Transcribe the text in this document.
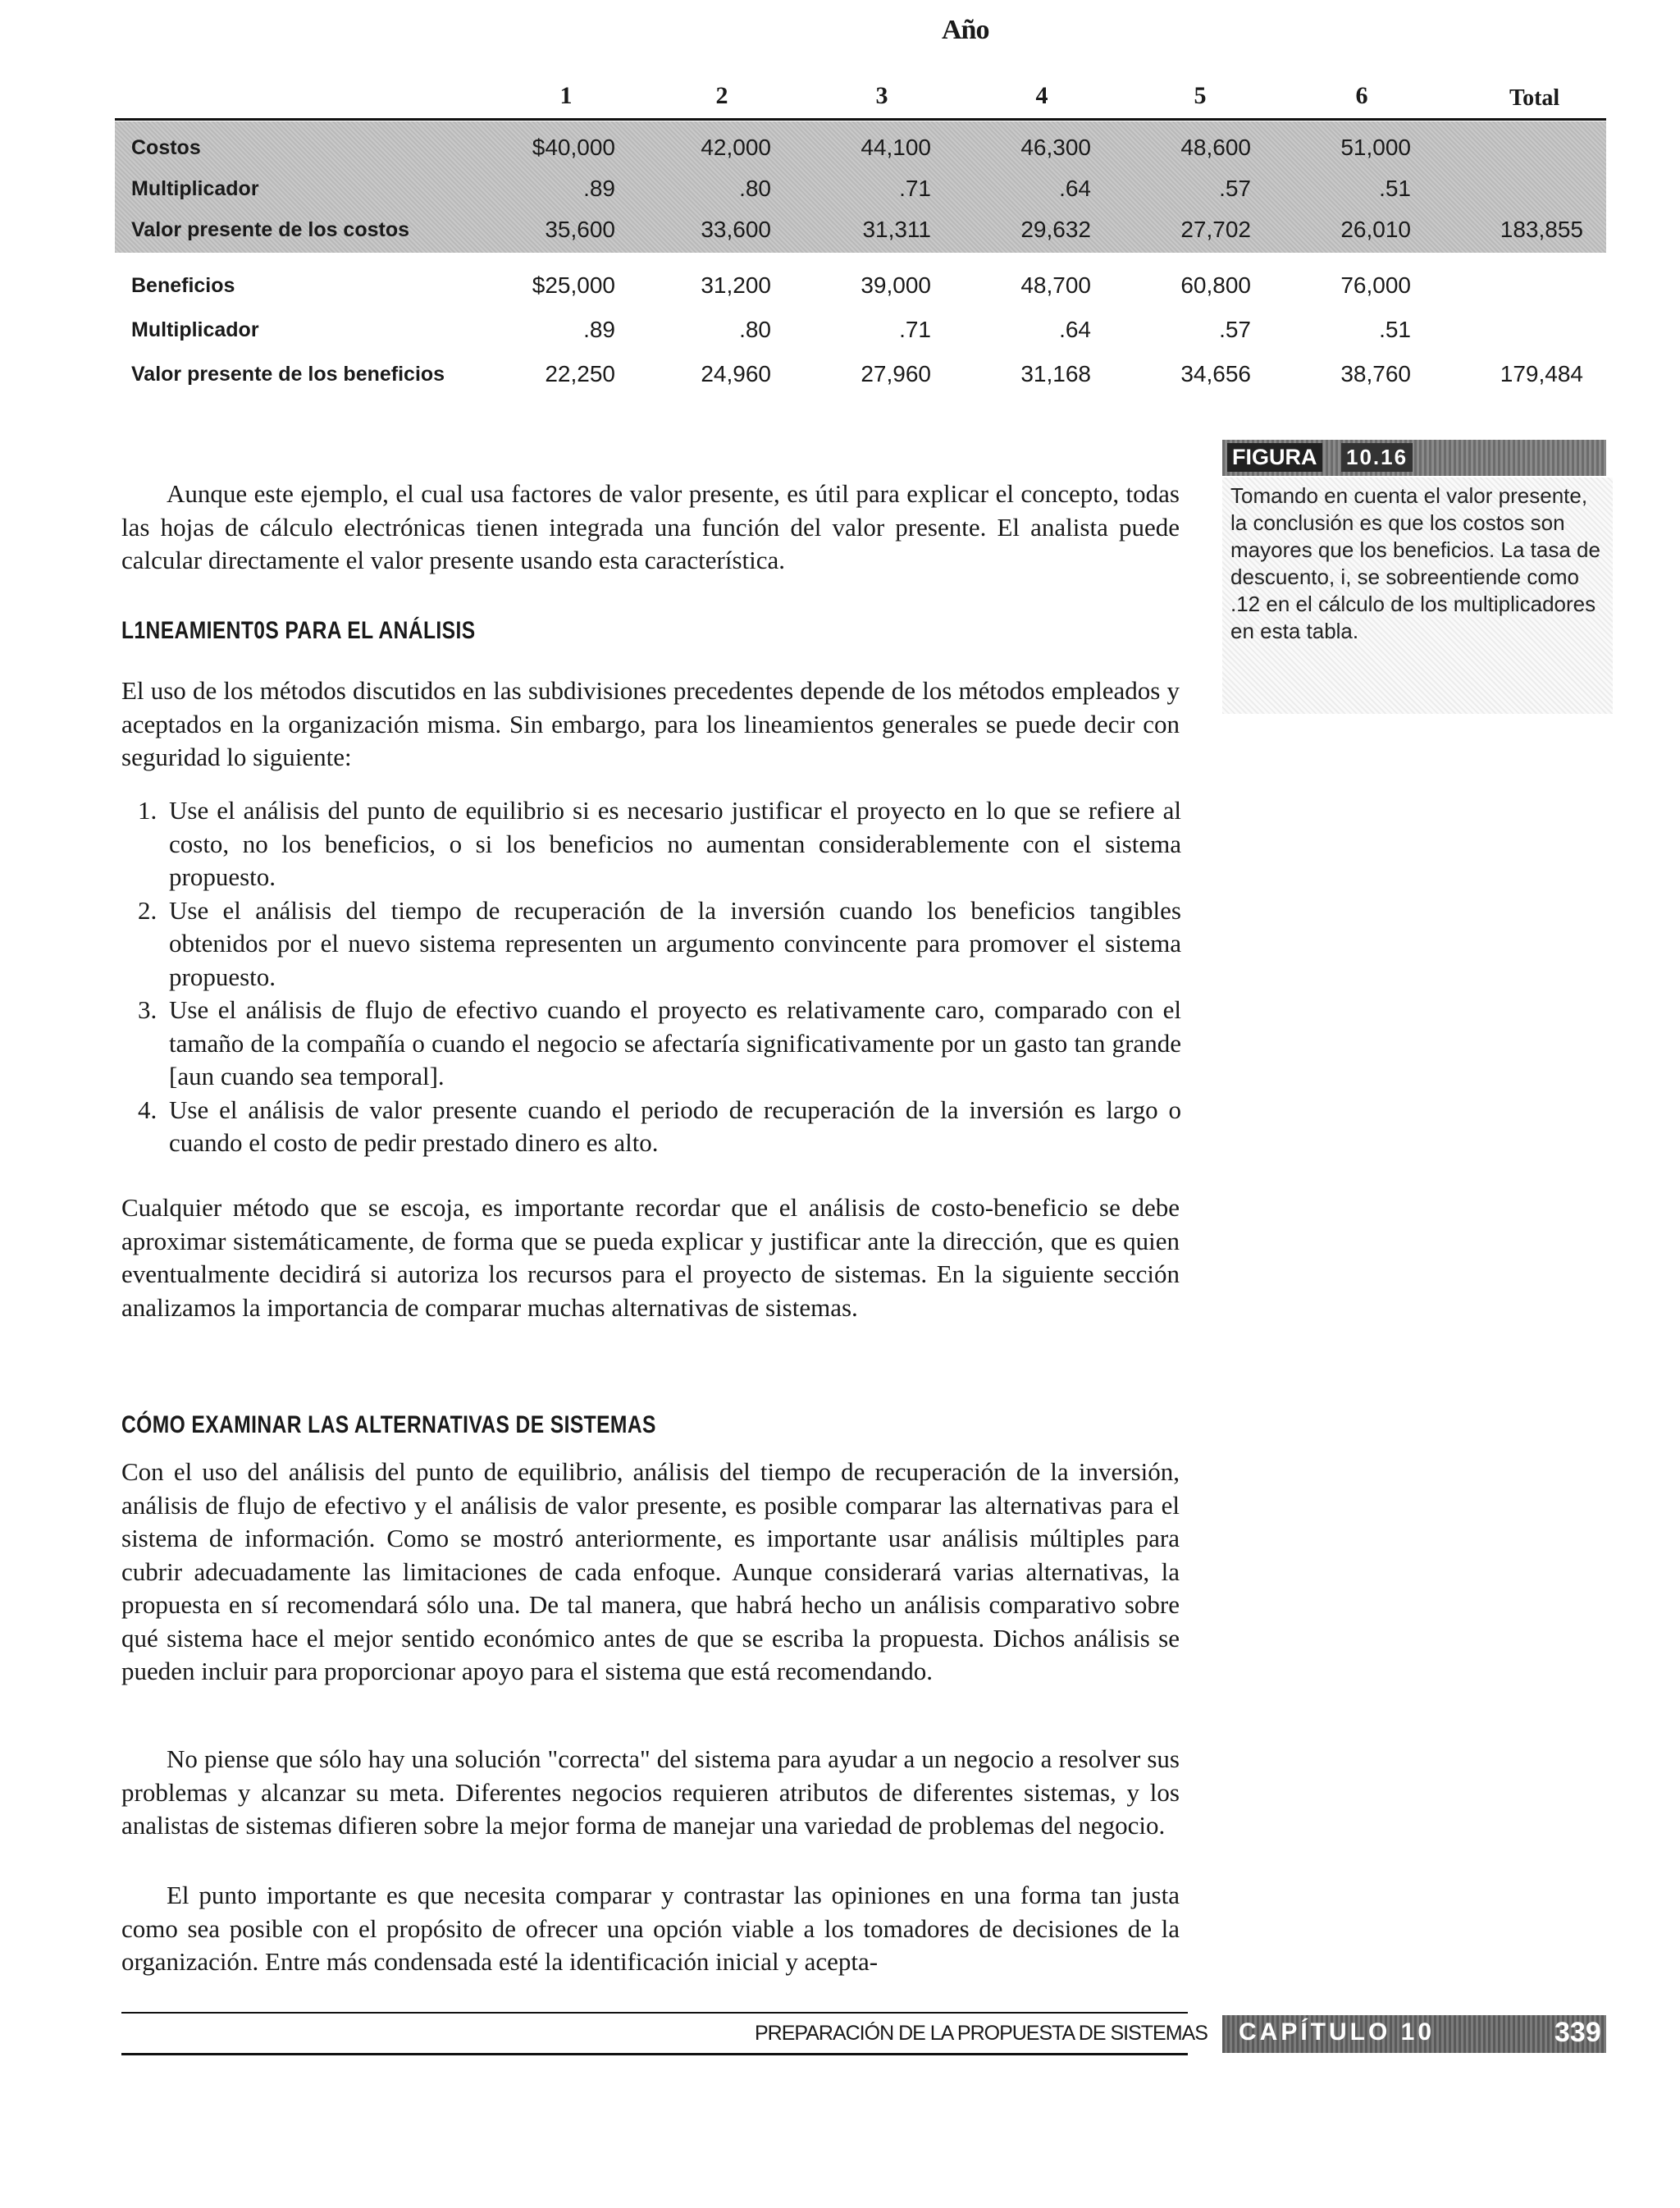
Año
1	2	3	4	5	6	Total
Costos	$40,000	42,000	44,100	46,300	48,600	51,000
Multiplicador	.89	.80	.71	.64	.57	.51
Valor presente de los costos	35,600	33,600	31,311	29,632	27,702	26,010	183,855
Beneficios	$25,000	31,200	39,000	48,700	60,800	76,000
Multiplicador	.89	.80	.71	.64	.57	.51
Valor presente de los beneficios	22,250	24,960	27,960	31,168	34,656	38,760	179,484
FIGURA 10.16
Tomando en cuenta el valor presente, la conclusión es que los costos son mayores que los beneficios. La tasa de descuento, i, se sobreentiende como .12 en el cálculo de los multiplicadores en esta tabla.
Aunque este ejemplo, el cual usa factores de valor presente, es útil para explicar el concepto, todas las hojas de cálculo electrónicas tienen integrada una función del valor presente. El analista puede calcular directamente el valor presente usando esta característica.
L1NEAMIENT0S PARA EL ANÁLISIS
El uso de los métodos discutidos en las subdivisiones precedentes depende de los métodos empleados y aceptados en la organización misma. Sin embargo, para los lineamientos generales se puede decir con seguridad lo siguiente:
1. Use el análisis del punto de equilibrio si es necesario justificar el proyecto en lo que se refiere al costo, no los beneficios, o si los beneficios no aumentan considerablemente con el sistema propuesto.
2. Use el análisis del tiempo de recuperación de la inversión cuando los beneficios tangibles obtenidos por el nuevo sistema representen un argumento convincente para promover el sistema propuesto.
3. Use el análisis de flujo de efectivo cuando el proyecto es relativamente caro, comparado con el tamaño de la compañía o cuando el negocio se afectaría significativamente por un gasto tan grande [aun cuando sea temporal].
4. Use el análisis de valor presente cuando el periodo de recuperación de la inversión es largo o cuando el costo de pedir prestado dinero es alto.
Cualquier método que se escoja, es importante recordar que el análisis de costo-beneficio se debe aproximar sistemáticamente, de forma que se pueda explicar y justificar ante la dirección, que es quien eventualmente decidirá si autoriza los recursos para el proyecto de sistemas. En la siguiente sección analizamos la importancia de comparar muchas alternativas de sistemas.
CÓMO EXAMINAR LAS ALTERNATIVAS DE SISTEMAS
Con el uso del análisis del punto de equilibrio, análisis del tiempo de recuperación de la inversión, análisis de flujo de efectivo y el análisis de valor presente, es posible comparar las alternativas para el sistema de información. Como se mostró anteriormente, es importante usar análisis múltiples para cubrir adecuadamente las limitaciones de cada enfoque. Aunque considerará varias alternativas, la propuesta en sí recomendará sólo una. De tal manera, que habrá hecho un análisis comparativo sobre qué sistema hace el mejor sentido económico antes de que se escriba la propuesta. Dichos análisis se pueden incluir para proporcionar apoyo para el sistema que está recomendando.
No piense que sólo hay una solución "correcta" del sistema para ayudar a un negocio a resolver sus problemas y alcanzar su meta. Diferentes negocios requieren atributos de diferentes sistemas, y los analistas de sistemas difieren sobre la mejor forma de manejar una variedad de problemas del negocio.
El punto importante es que necesita comparar y contrastar las opiniones en una forma tan justa como sea posible con el propósito de ofrecer una opción viable a los tomadores de decisiones de la organización. Entre más condensada esté la identificación inicial y acepta-
PREPARACIÓN DE LA PROPUESTA DE SISTEMAS CAPÍTULO 10	339
